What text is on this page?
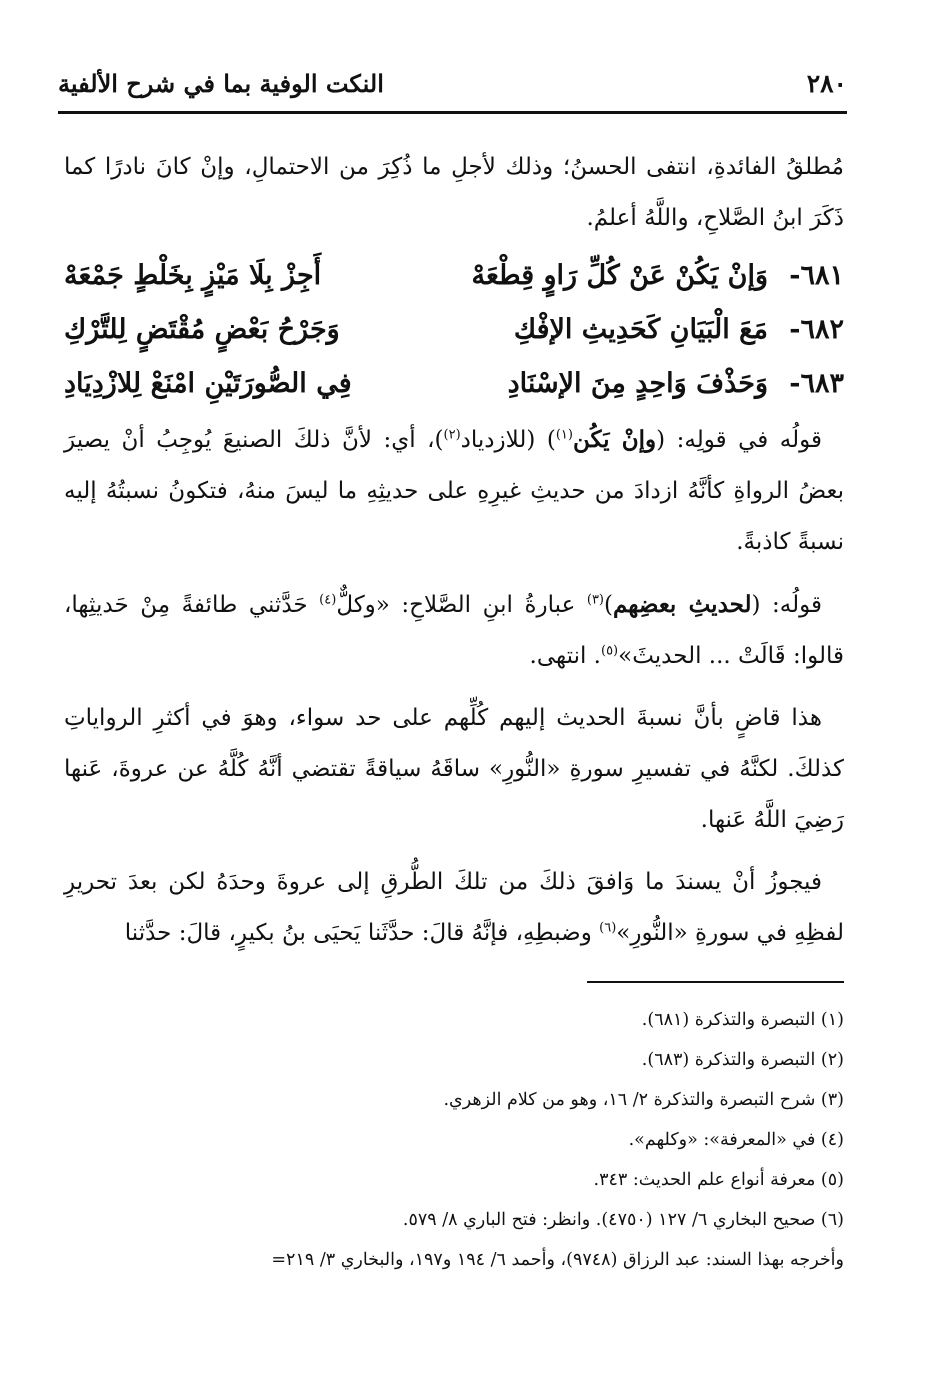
٢٨٠
النكت الوفية بما في شرح الألفية

مُطلقُ الفائدةِ، انتفى الحسنُ؛ وذلك لأجلِ ما ذُكِرَ من الاحتمالِ، وإنْ كانَ نادرًا كما ذَكَرَ ابنُ الصَّلاحِ، واللَّهُ أعلمُ.

٦٨١-
وَإنْ يَكُنْ عَنْ كُلِّ رَاوٍ قِطْعَهْ
أَجِزْ بِلَا مَيْزٍ بِخَلْطٍ جَمْعَهْ
٦٨٢-
مَعَ الْبَيَانِ كَحَدِيثِ الإفْكِ
وَجَرْحُ بَعْضٍ مُقْتَضٍ لِلتَّرْكِ
٦٨٣-
وَحَذْفَ وَاحِدٍ مِنَ الإسْنَادِ
فِي الصُّورَتَيْنِ امْنَعْ لِلازْدِيَادِ

قولُه في قولِه: (وإنْ يَكُن$^{(١)}$) (للازدياد$^{(٢)}$)، أي: لأنَّ ذلكَ الصنيعَ يُوجِبُ أنْ يصيرَ بعضُ الرواةِ كأنَّهُ ازدادَ من حديثِ غيرِهِ على حديثِهِ ما ليسَ منهُ، فتكونُ نسبتُهُ إليه نسبةً كاذبةً.

قولُه: (لحديثِ بعضِهم)$^{(٣)}$ عبارةُ ابنِ الصَّلاحِ: «وكلٌّ$^{(٤)}$ حَدَّثني طائفةً مِنْ حَديثِها، قالوا: قَالَتْ ... الحديثَ»$^{(٥)}$. انتهى.

هذا قاضٍ بأنَّ نسبةَ الحديث إليهم كُلِّهم على حد سواء، وهوَ في أكثرِ الرواياتِ كذلكَ. لكنَّهُ في تفسيرِ سورةِ «النُّورِ» ساقَهُ سياقةً تقتضي أنَّهُ كُلَّهُ عن عروةَ، عَنها رَضِيَ اللَّهُ عَنها.

فيجوزُ أنْ يسندَ ما وَافقَ ذلكَ من تلكَ الطُّرقِ إلى عروةَ وحدَهُ لكن بعدَ تحريرِ لفظِهِ في سورةِ «النُّورِ»$^{(٦)}$ وضبطِهِ، فإنَّهُ قالَ: حدَّثَنا يَحيَى بنُ بكيرٍ، قالَ: حدَّثنا

(١) التبصرة والتذكرة (٦٨١).

(٢) التبصرة والتذكرة (٦٨٣).

(٣) شرح التبصرة والتذكرة ٢/ ١٦، وهو من كلام الزهري.

(٤) في «المعرفة»: «وكلهم».

(٥) معرفة أنواع علم الحديث: ٣٤٣.

(٦) صحيح البخاري ٦/ ١٢٧ (٤٧٥٠). وانظر: فتح الباري ٨/ ٥٧٩.

وأخرجه بهذا السند: عبد الرزاق (٩٧٤٨)، وأحمد ٦/ ١٩٤ و١٩٧، والبخاري ٣/ ٢١٩=
